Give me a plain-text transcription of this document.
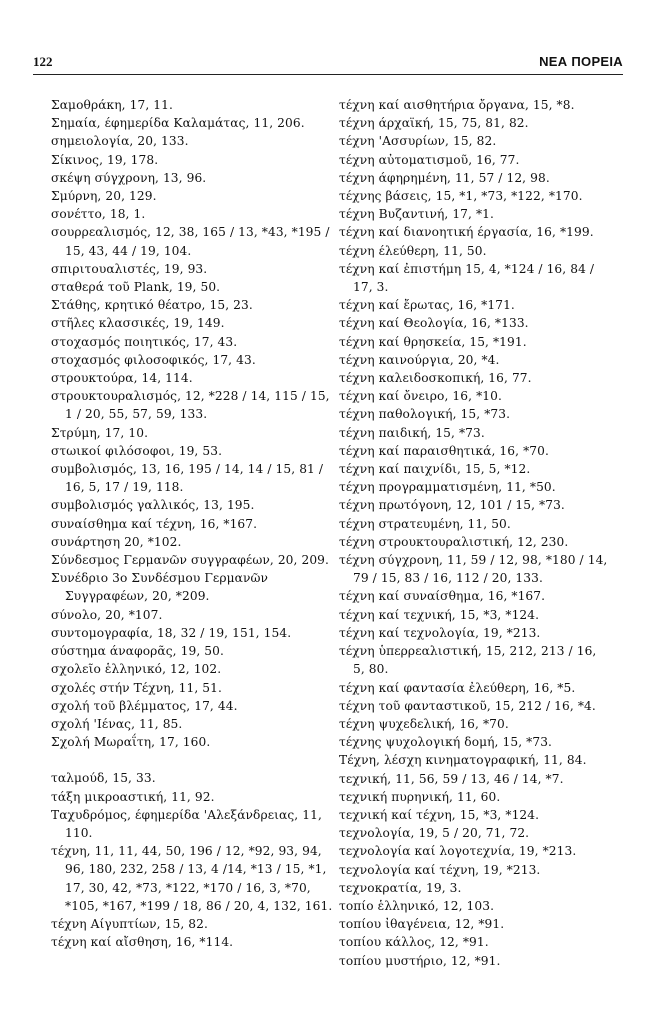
122	ΝΕΑ ΠΟΡΕΙΑ
Σαμοθράκη, 17, 11.
Σημαία, έφημερίδα Καλαμάτας, 11, 206.
σημειολογία, 20, 133.
Σίκινος, 19, 178.
σκέψη σύγχρονη, 13, 96.
Σμύρνη, 20, 129.
σονέττο, 18, 1.
σουρρεαλισμός, 12, 38, 165 / 13, *43, *195 / 15, 43, 44 / 19, 104.
σπιριτουαλιστές, 19, 93.
σταθερά τοῦ Plank, 19, 50.
Στάθης, κρητικό θέατρο, 15, 23.
στῆλες κλασσικές, 19, 149.
στοχασμός ποιητικός, 17, 43.
στοχασμός φιλοσοφικός, 17, 43.
στρουκτούρα, 14, 114.
στρουκτουραλισμός, 12, *228 / 14, 115 / 15, 1 / 20, 55, 57, 59, 133.
Στρύμη, 17, 10.
στωικοί φιλόσοφοι, 19, 53.
συμβολισμός, 13, 16, 195 / 14, 14 / 15, 81 / 16, 5, 17 / 19, 118.
συμβολισμός γαλλικός, 13, 195.
συναίσθημα καί τέχνη, 16, *167.
συνάρτηση 20, *102.
Σύνδεσμος Γερμανῶν συγγραφέων, 20, 209.
Συνέδριο 3ο Συνδέσμου Γερμανῶν Συγγραφέων, 20, *209.
σύνολο, 20, *107.
συντομογραφία, 18, 32 / 19, 151, 154.
σύστημα άναφορᾶς, 19, 50.
σχολεῖο ἑλληνικό, 12, 102.
σχολές στήν Τέχνη, 11, 51.
σχολή τοῦ βλέμματος, 17, 44.
σχολή 'Ιένας, 11, 85.
Σχολή Μωραΐτη, 17, 160.
ταλμούδ, 15, 33.
τάξη μικροαστική, 11, 92.
Ταχυδρόμος, έφημερίδα 'Αλεξάνδρειας, 11, 110.
τέχνη, 11, 11, 44, 50, 196 / 12, *92, 93, 94, 96, 180, 232, 258 / 13, 4 /14, *13 / 15, *1, 17, 30, 42, *73, *122, *170 / 16, 3, *70, *105, *167, *199 / 18, 86 / 20, 4, 132, 161.
τέχνη Αίγυπτίων, 15, 82.
τέχνη καί αἴσθηση, 16, *114.
τέχνη καί αισθητήρια ὄργανα, 15, *8.
τέχνη άρχαϊκή, 15, 75, 81, 82.
τέχνη 'Ασσυρίων, 15, 82.
τέχνη αὐτοματισμοῦ, 16, 77.
τέχνη άφηρημένη, 11, 57 / 12, 98.
τέχνης βάσεις, 15, *1, *73, *122, *170.
τέχνη Βυζαντινή, 17, *1.
τέχνη καί διανοητική έργασία, 16, *199.
τέχνη έλεύθερη, 11, 50.
τέχνη καί ἐπιστήμη 15, 4, *124 / 16, 84 / 17, 3.
τέχνη καί ἔρωτας, 16, *171.
τέχνη καί Θεολογία, 16, *133.
τέχνη καί θρησκεία, 15, *191.
τέχνη καινούργια, 20, *4.
τέχνη καλειδοσκοπική, 16, 77.
τέχνη καί ὄνειρο, 16, *10.
τέχνη παθολογική, 15, *73.
τέχνη παιδική, 15, *73.
τέχνη καί παραισθητικά, 16, *70.
τέχνη καί παιχνίδι, 15, 5, *12.
τέχνη προγραμματισμένη, 11, *50.
τέχνη πρωτόγονη, 12, 101 / 15, *73.
τέχνη στρατευμένη, 11, 50.
τέχνη στρουκτουραλιστική, 12, 230.
τέχνη σύγχρονη, 11, 59 / 12, 98, *180 / 14, 79 / 15, 83 / 16, 112 / 20, 133.
τέχνη καί συναίσθημα, 16, *167.
τέχνη καί τεχνική, 15, *3, *124.
τέχνη καί τεχνολογία, 19, *213.
τέχνη ὑπερρεαλιστική, 15, 212, 213 / 16, 5, 80.
τέχνη καί φαντασία ἐλεύθερη, 16, *5.
τέχνη τοῦ φανταστικοῦ, 15, 212 / 16, *4.
τέχνη ψυχεδελική, 16, *70.
τέχνης ψυχολογική δομή, 15, *73.
Τέχνη, λέσχη κινηματογραφική, 11, 84.
τεχνική, 11, 56, 59 / 13, 46 / 14, *7.
τεχνική πυρηνική, 11, 60.
τεχνική καί τέχνη, 15, *3, *124.
τεχνολογία, 19, 5 / 20, 71, 72.
τεχνολογία καί λογοτεχνία, 19, *213.
τεχνολογία καί τέχνη, 19, *213.
τεχνοκρατία, 19, 3.
τοπίο ἑλληνικό, 12, 103.
τοπίου ἰθαγένεια, 12, *91.
τοπίου κάλλος, 12, *91.
τοπίου μυστήριο, 12, *91.
